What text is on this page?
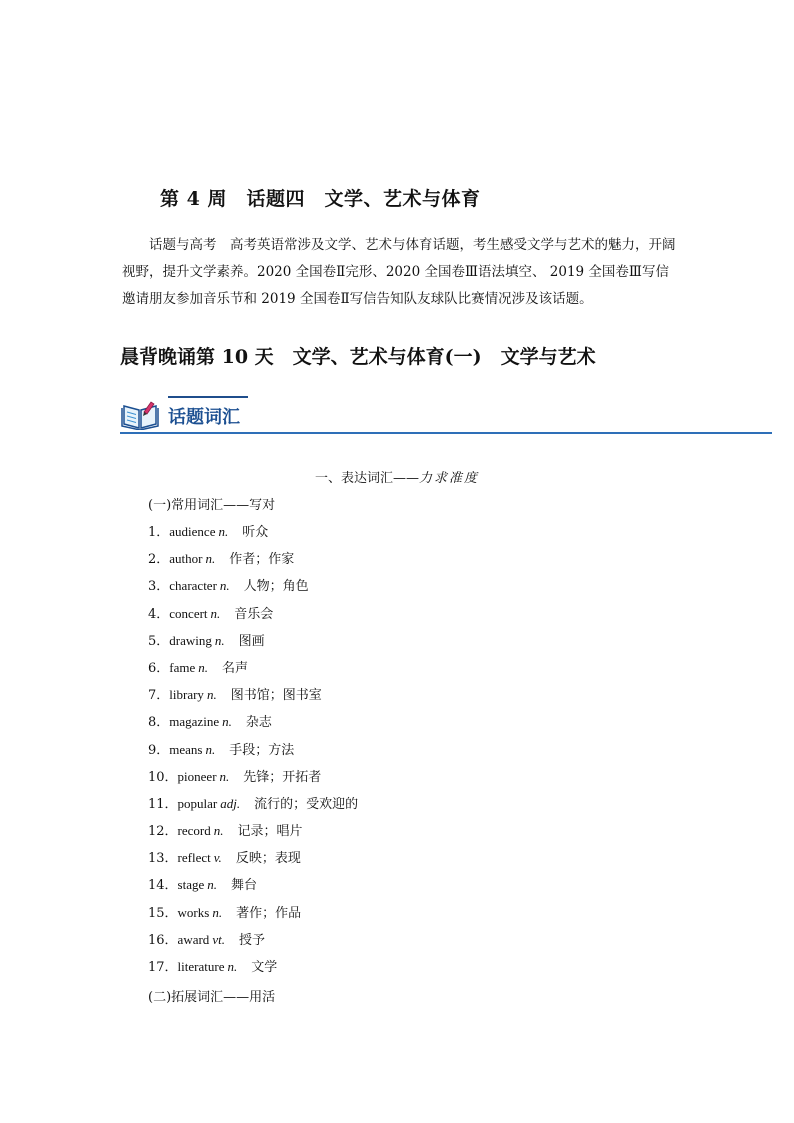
第 4 周　话题四　文学、艺术与体育

话题与高考　高考英语常涉及文学、艺术与体育话题，考生感受文学与艺术的魅力，开阔视野，提升文学素养。2020 全国卷Ⅱ完形、2020 全国卷Ⅲ语法填空、 2019 全国卷Ⅲ写信邀请朋友参加音乐节和 2019 全国卷Ⅱ写信告知队友球队比赛情况涉及该话题。

晨背晚诵第 10 天　文学、艺术与体育(一)　文学与艺术
话题词汇
一、表达词汇——力求准度
(一)常用词汇——写对
1．audience n. 听众
2．author n. 作者；作家
3．character n. 人物；角色
4．concert n. 音乐会
5．drawing n. 图画
6．fame n. 名声
7．library n. 图书馆；图书室
8．magazine n. 杂志
9．means n. 手段；方法
10．pioneer n. 先锋；开拓者
11．popular adj. 流行的；受欢迎的
12．record n. 记录；唱片
13．reflect v. 反映；表现
14．stage n. 舞台
15．works n. 著作；作品
16．award vt. 授予
17．literature n. 文学
(二)拓展词汇——用活
